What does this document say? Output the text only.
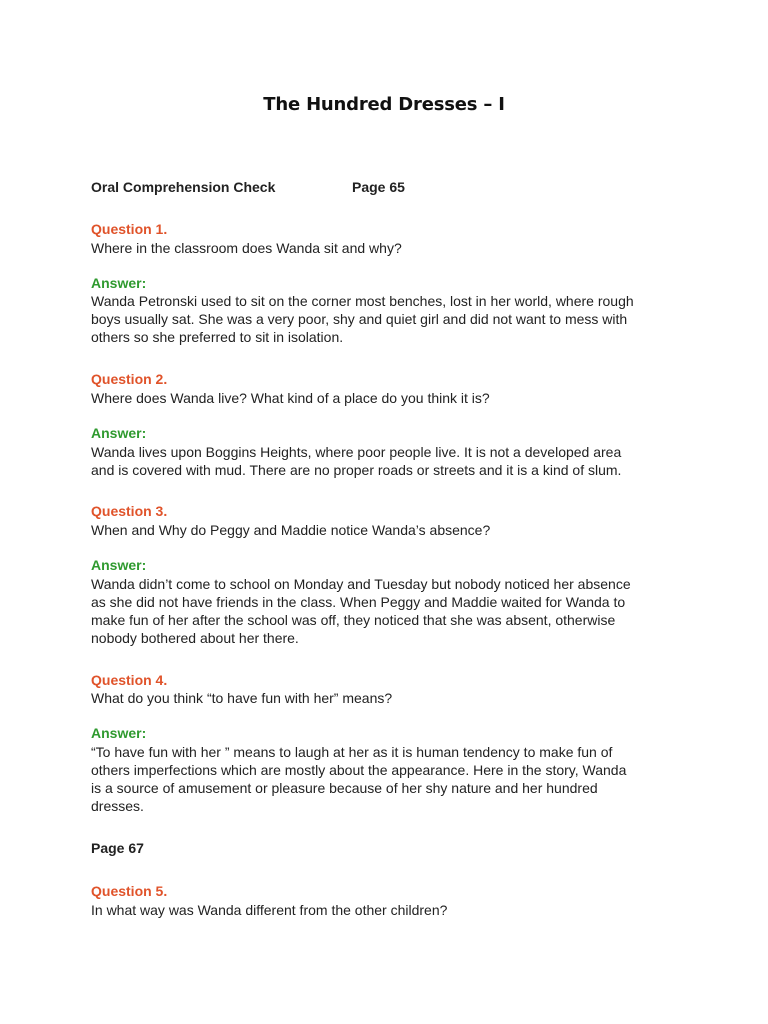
The Hundred Dresses – I
Oral Comprehension Check	Page 65
Question 1.
Where in the classroom does Wanda sit and why?
Answer:
Wanda Petronski used to sit on the corner most benches, lost in her world, where rough
boys usually sat. She was a very poor, shy and quiet girl and did not want to mess with
others so she preferred to sit in isolation.
Question 2.
Where does Wanda live? What kind of a place do you think it is?
Answer:
Wanda lives upon Boggins Heights, where poor people live. It is not a developed area
and is covered with mud. There are no proper roads or streets and it is a kind of slum.
Question 3.
When and Why do Peggy and Maddie notice Wanda’s absence?
Answer:
Wanda didn’t come to school on Monday and Tuesday but nobody noticed her absence
as she did not have friends in the class. When Peggy and Maddie waited for Wanda to
make fun of her after the school was off, they noticed that she was absent, otherwise
nobody bothered about her there.
Question 4.
What do you think “to have fun with her” means?
Answer:
“To have fun with her ” means to laugh at her as it is human tendency to make fun of
others imperfections which are mostly about the appearance. Here in the story, Wanda
is a source of amusement or pleasure because of her shy nature and her hundred
dresses.
Page 67
Question 5.
In what way was Wanda different from the other children?
